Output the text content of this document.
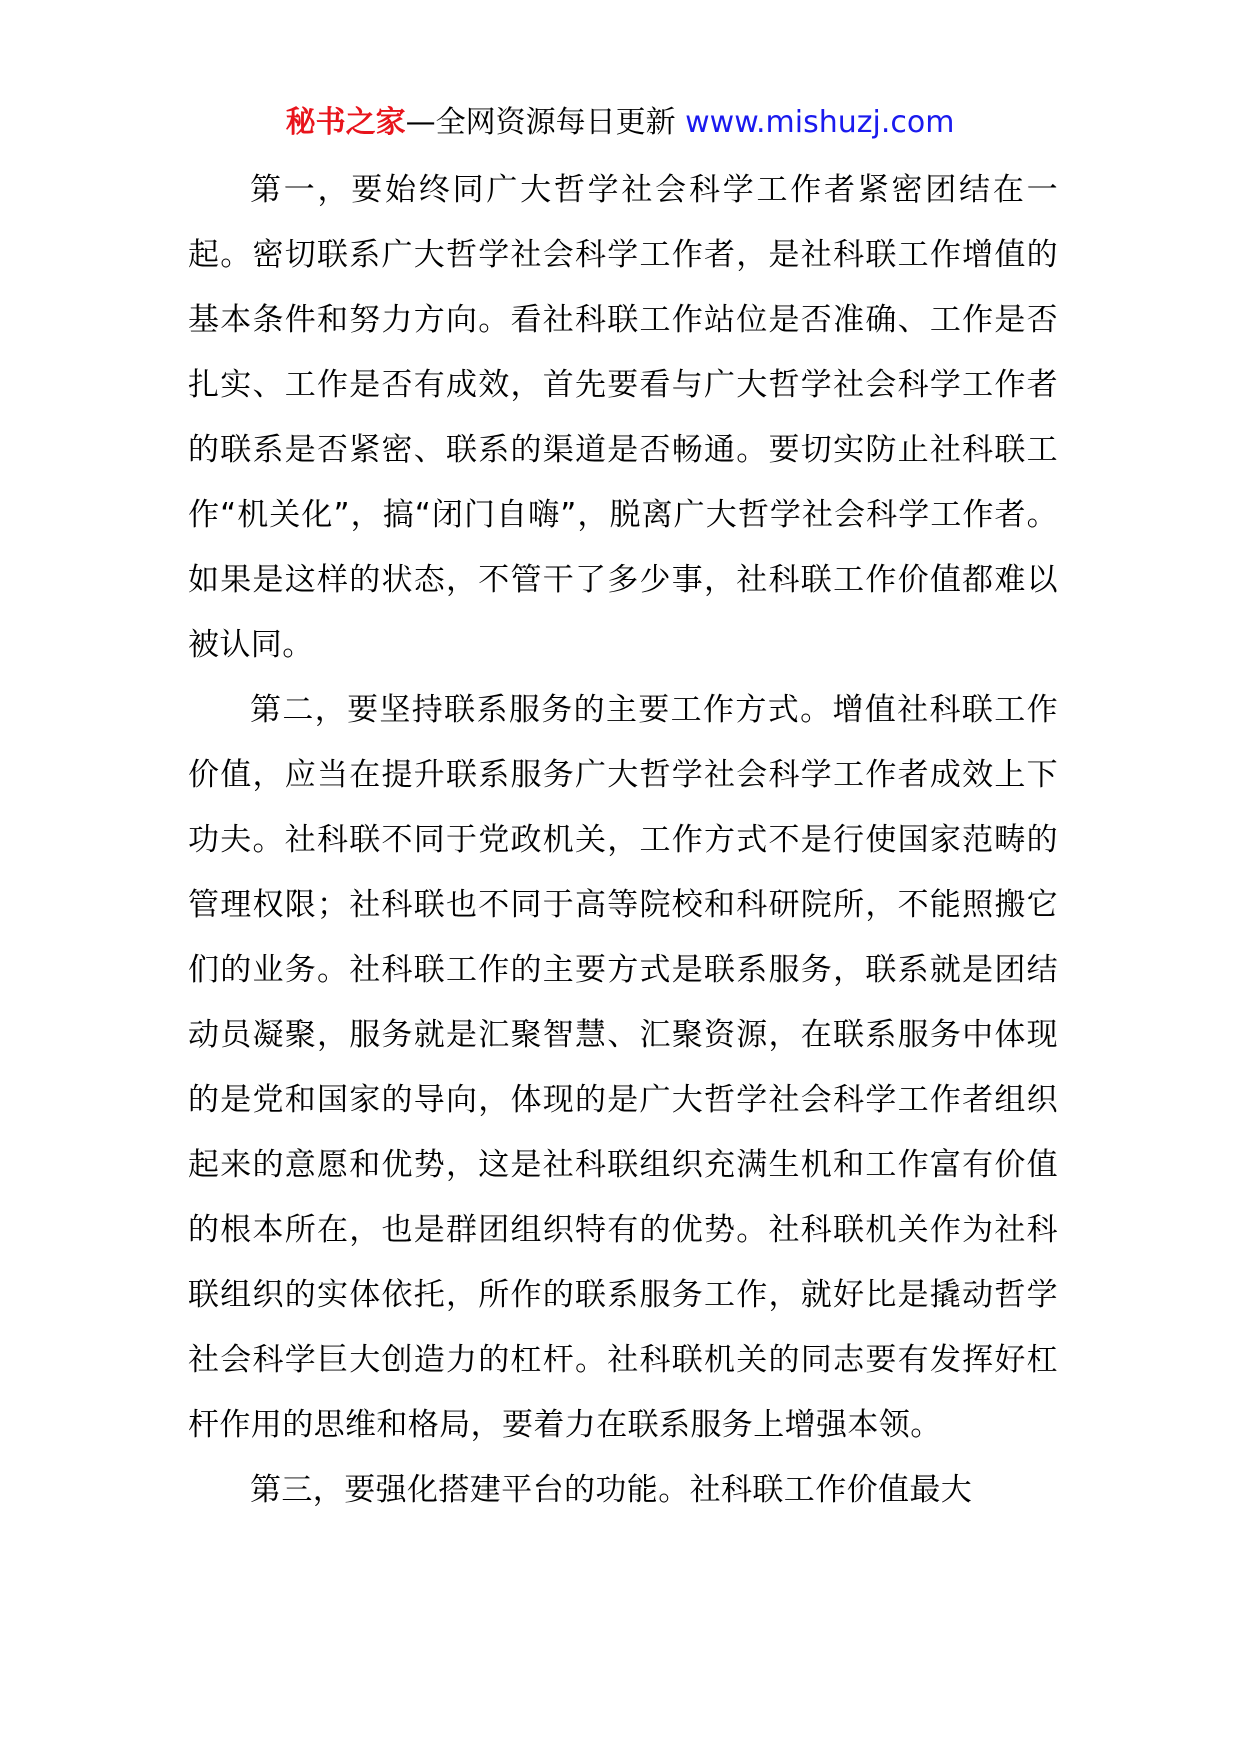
秘书之家—全网资源每日更新 www.mishuzj.com

第一，要始终同广大哲学社会科学工作者紧密团结在一起。密切联系广大哲学社会科学工作者，是社科联工作增值的基本条件和努力方向。看社科联工作站位是否准确、工作是否扎实、工作是否有成效，首先要看与广大哲学社会科学工作者的联系是否紧密、联系的渠道是否畅通。要切实防止社科联工作“机关化”，搞“闭门自嗨”，脱离广大哲学社会科学工作者。如果是这样的状态，不管干了多少事，社科联工作价值都难以被认同。

第二，要坚持联系服务的主要工作方式。增值社科联工作价值，应当在提升联系服务广大哲学社会科学工作者成效上下功夫。社科联不同于党政机关，工作方式不是行使国家范畴的管理权限；社科联也不同于高等院校和科研院所，不能照搬它们的业务。社科联工作的主要方式是联系服务，联系就是团结动员凝聚，服务就是汇聚智慧、汇聚资源，在联系服务中体现的是党和国家的导向，体现的是广大哲学社会科学工作者组织起来的意愿和优势，这是社科联组织充满生机和工作富有价值的根本所在，也是群团组织特有的优势。社科联机关作为社科联组织的实体依托，所作的联系服务工作，就好比是撬动哲学社会科学巨大创造力的杠杆。社科联机关的同志要有发挥好杠杆作用的思维和格局，要着力在联系服务上增强本领。

第三，要强化搭建平台的功能。社科联工作价值最大
